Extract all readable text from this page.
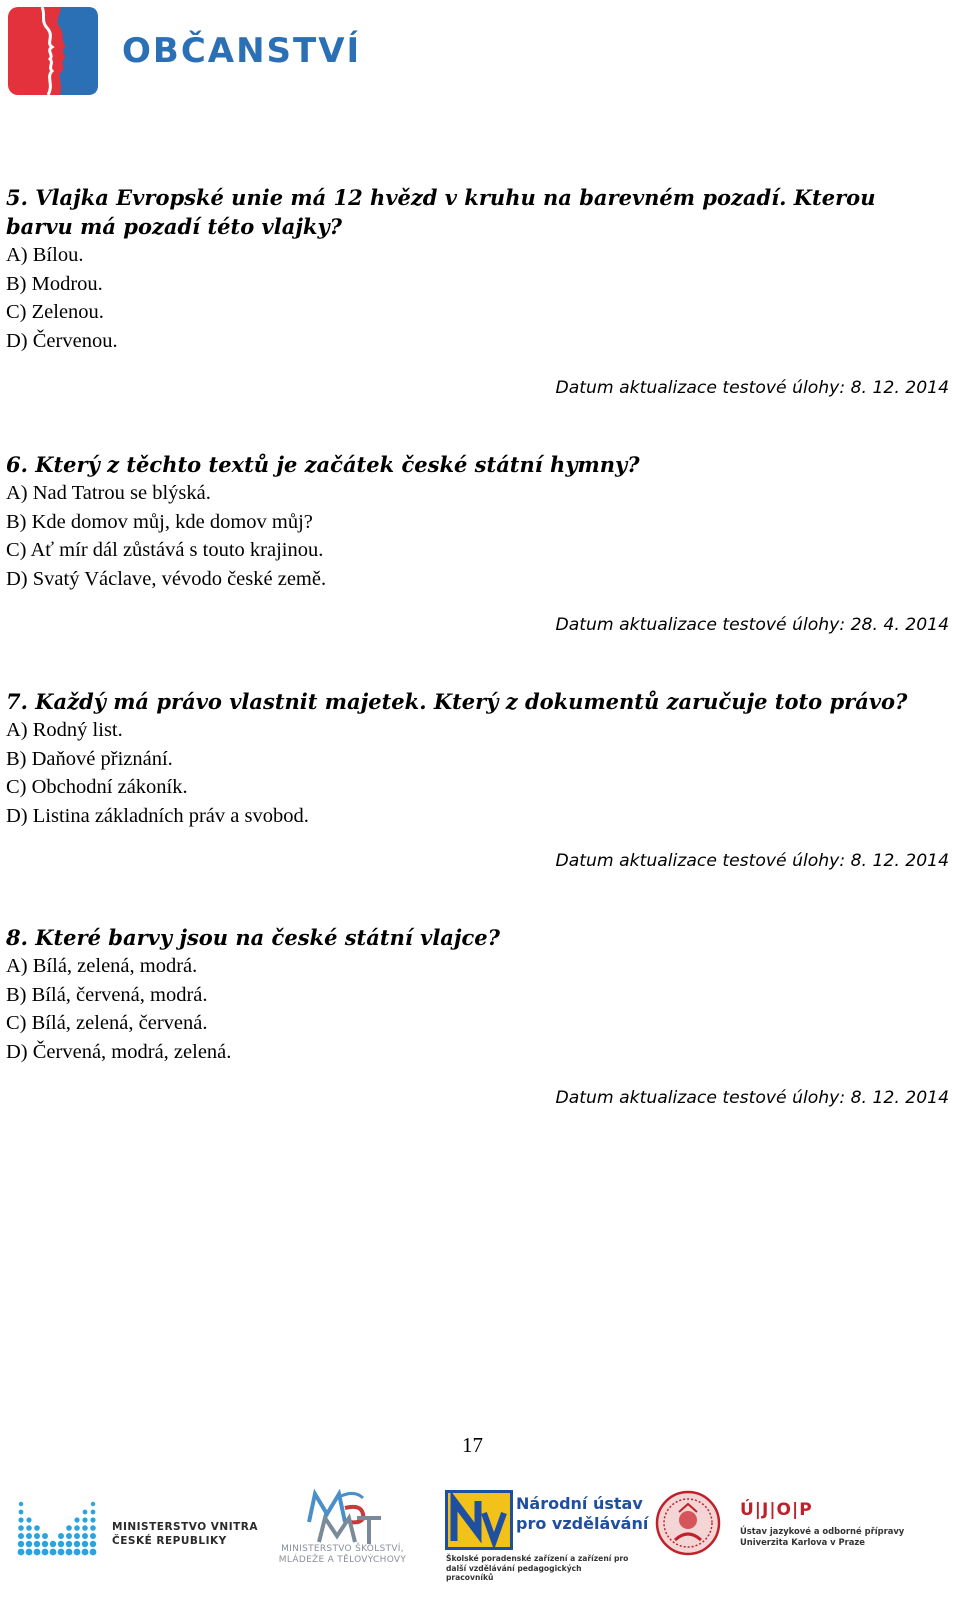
OBČANSTVÍ

5. Vlajka Evropské unie má 12 hvězd v kruhu na barevném pozadí. Kterou barvu má pozadí této vlajky?

A) Bílou.
B) Modrou.
C) Zelenou.
D) Červenou.
Datum aktualizace testové úlohy: 8. 12. 2014

6. Který z těchto textů je začátek české státní hymny?

A) Nad Tatrou se blýská.
B) Kde domov můj, kde domov můj?
C) Ať mír dál zůstává s touto krajinou.
D) Svatý Václave, vévodo české země.
Datum aktualizace testové úlohy: 28. 4. 2014

7. Každý má právo vlastnit majetek. Který z dokumentů zaručuje toto právo?

A) Rodný list.
B) Daňové přiznání.
C) Obchodní zákoník.
D) Listina základních práv a svobod.
Datum aktualizace testové úlohy: 8. 12. 2014

8. Které barvy jsou na české státní vlajce?

A) Bílá, zelená, modrá.
B) Bílá, červená, modrá.
C) Bílá, zelená, červená.
D) Červená, modrá, zelená.
Datum aktualizace testové úlohy: 8. 12. 2014
17
MINISTERSTVO VNITRA
ČESKÉ REPUBLIKY
MINISTERSTVO ŠKOLSTVÍ,
MLÁDEŽE A TĚLOVÝCHOVY
Národní ústav
pro vzdělávání
Školské poradenské zařízení a zařízení pro
další vzdělávání pedagogických pracovníků
Ú|J|O|P
Ústav jazykové a odborné přípravy
Univerzita Karlova v Praze
